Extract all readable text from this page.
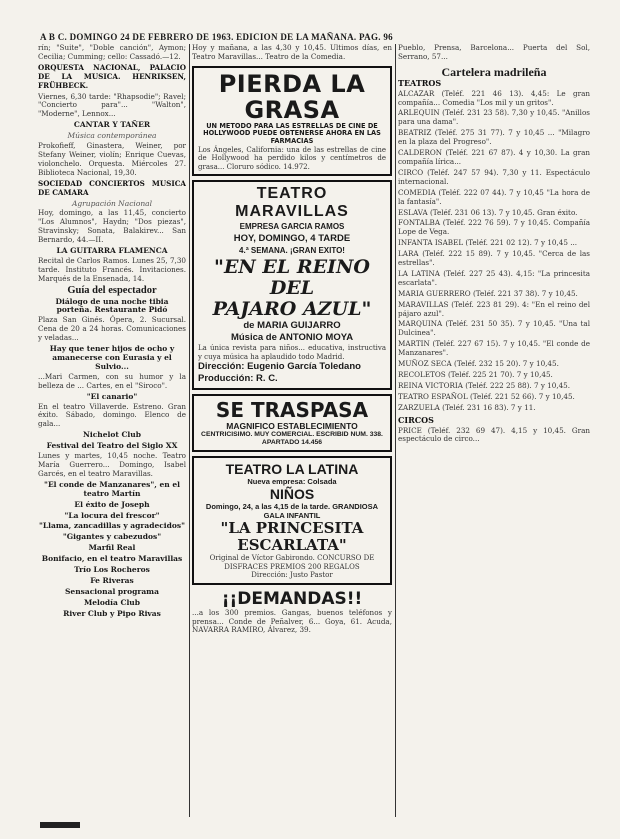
A B C. DOMINGO 24 DE FEBRERO DE 1963. EDICION DE LA MAÑANA. PAG. 96

rín; "Suite", "Doble canción", Aymon; Cecilia; Cumming; cello: Cassadó.—12.

ORQUESTA NACIONAL, PALACIO DE LA MUSICA. HENRIKSEN, FRÜHBECK.

Viernes, 6,30 tarde: "Rhapsodie"; Ravel; "Concierto para"... "Walton", "Moderne", Lennox...

CANTAR Y TAÑER
Música contemporánea

Prokofieff, Ginastera, Weiner, por Stefany Weiner, violín; Enrique Cuevas, violonchelo. Orquesta. Miércoles 27. Biblioteca Nacional, 19,30.

SOCIEDAD CONCIERTOS MUSICA DE CAMARA

Agrupación Nacional

Hoy, domingo, a las 11,45, concierto "Los Alumnos", Haydn; "Dos piezas", Stravinsky; Sonata, Balakirev... San Bernardo, 44.—II.

LA GUITARRA FLAMENCA

Recital de Carlos Ramos. Lunes 25, 7,30 tarde. Instituto Francés. Invitaciones. Marqués de la Ensenada, 14.

Guía del espectador
Diálogo de una noche tibia porteña. Restaurante Pidó

Plaza San Ginés. Ópera, 2. Sucursal. Cena de 20 a 24 horas. Comunicaciones y veladas...

Hay que tener hijos de ocho y amanecerse con Eurasia y el Sulvio...

...Mari Carmen, con su humor y la belleza de ... Cartes, en el "Siroco".

"El canario"

En el teatro Villaverde. Estreno. Gran éxito. Sábado, domingo. Elenco de gala...

Nichelot Club
Festival del Teatro del Siglo XX

Lunes y martes, 10,45 noche. Teatro María Guerrero... Domingo, Isabel Garcés, en el teatro Maravillas.

"El conde de Manzanares", en el teatro Martín
El éxito de Joseph
"La locura del frescor"
"Llama, zancadillas y agradecidos"
"Gigantes y cabezudos"
Marfil Real
Bonifacio, en el teatro Maravillas
Trío Los Rocheros
Fe Riveras
Sensacional programa
Melodía Club
River Club y Pipo Rivas

Hoy y mañana, a las 4,30 y 10,45. Últimos días, en Teatro Maravillas... Teatro de la Comedia.

PIERDA LA GRASA
UN METODO PARA LAS ESTRELLAS DE CINE DE HOLLYWOOD PUEDE OBTENERSE AHORA EN LAS FARMACIAS
Los Ángeles, California: una de las estrellas de cine de Hollywood ha perdido kilos y centímetros de grasa... Cloruro sódico. 14.972.
TEATRO MARAVILLAS
EMPRESA GARCIA RAMOS
HOY, DOMINGO, 4 TARDE
4.ª SEMANA. ¡GRAN EXITO!
"EN EL REINO DEL
PAJARO AZUL"
de MARIA GUIJARRO
Música de ANTONIO MOYA
La única revista para niños... educativa, instructiva y cuya música ha aplaudido todo Madrid.
Dirección: Eugenio García Toledano
Producción: R. C.
SE TRASPASA
MAGNIFICO ESTABLECIMIENTO
CENTRICISIMO. MUY COMERCIAL. ESCRIBID NUM. 338. APARTADO 14.456
TEATRO LA LATINA
Nueva empresa: Colsada
NIÑOS
Domingo, 24, a las 4,15 de la tarde. GRANDIOSA GALA INFANTIL
"LA PRINCESITA
ESCARLATA"
Original de Víctor Gabirondo. CONCURSO DE DISFRACES PREMIOS 200 REGALOS
Dirección: Justo Pastor
¡¡DEMANDAS!!

...a los 300 premios. Gangas, buenos teléfonos y prensa... Conde de Peñalver, 6... Goya, 61. Acuda, NAVARRA RAMIRO, Álvarez, 39.

Pueblo, Prensa, Barcelona... Puerta del Sol, Serrano, 57...

Cartelera madrileña
TEATROS

ALCAZAR (Teléf. 221 46 13). 4,45: Le gran compañía... Comedia "Los mil y un gritos".

ARLEQUIN (Teléf. 231 23 58). 7,30 y 10,45. "Anillos para una dama".

BEATRIZ (Teléf. 275 31 77). 7 y 10,45 ... "Milagro en la plaza del Progreso".

CALDERON (Teléf. 221 67 87). 4 y 10,30. La gran compañía lírica...

CIRCO (Teléf. 247 57 94). 7,30 y 11. Espectáculo internacional.

COMEDIA (Teléf. 222 07 44). 7 y 10,45 "La hora de la fantasía".

ESLAVA (Teléf. 231 06 13). 7 y 10,45. Gran éxito.

FONTALBA (Teléf. 222 76 59). 7 y 10,45. Compañía Lope de Vega.

INFANTA ISABEL (Teléf. 221 02 12). 7 y 10,45 ...

LARA (Teléf. 222 15 89). 7 y 10,45. "Cerca de las estrellas".

LA LATINA (Teléf. 227 25 43). 4,15: "La princesita escarlata".

MARIA GUERRERO (Teléf. 221 37 38). 7 y 10,45.

MARAVILLAS (Teléf. 223 81 29). 4: "En el reino del pájaro azul".

MARQUINA (Teléf. 231 50 35). 7 y 10,45. "Una tal Dulcinea".

MARTIN (Teléf. 227 67 15). 7 y 10,45. "El conde de Manzanares".

MUÑOZ SECA (Teléf. 232 15 20). 7 y 10,45.

RECOLETOS (Teléf. 225 21 70). 7 y 10,45.

REINA VICTORIA (Teléf. 222 25 88). 7 y 10,45.

TEATRO ESPAÑOL (Teléf. 221 52 66). 7 y 10,45.

ZARZUELA (Teléf. 231 16 83). 7 y 11.

CIRCOS

PRICE (Teléf. 232 69 47). 4,15 y 10,45. Gran espectáculo de circo...
